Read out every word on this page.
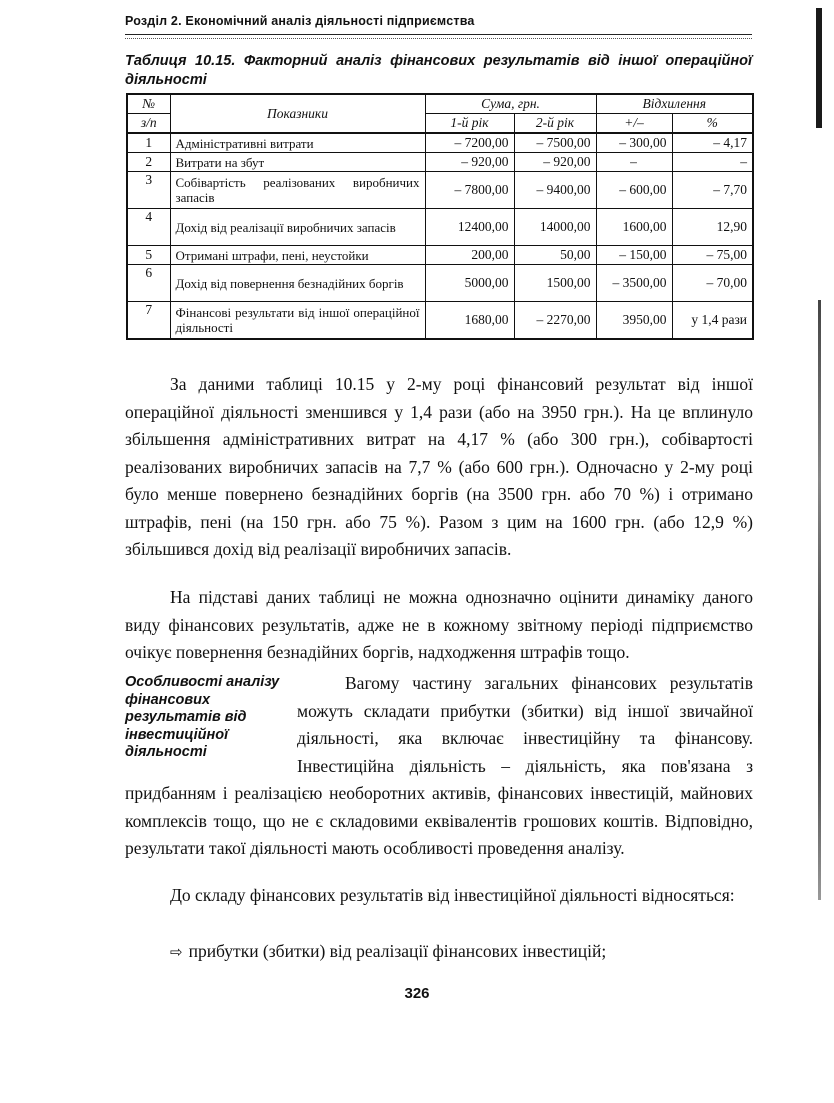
Розділ 2. Економічний аналіз діяльності підприємства
Таблиця 10.15. Факторний аналіз фінансових результатів від іншої операційної діяльності
№	Показники	Сума, грн.		Відхилення	
з/п		1-й рік	2-й рік	+/–	%
1	Адміністративні витрати	– 7200,00	– 7500,00	– 300,00	– 4,17
2	Витрати на збут	– 920,00	– 920,00	–	–
3	Собівартість реалізованих виробничих запасів	– 7800,00	– 9400,00	– 600,00	– 7,70
4	Дохід від реалізації виробничих запасів	12400,00	14000,00	1600,00	12,90
5	Отримані штрафи, пені, неустойки	200,00	50,00	– 150,00	– 75,00
6	Дохід від повернення безнадійних боргів	5000,00	1500,00	– 3500,00	– 70,00
7	Фінансові результати від іншої операційної діяльності	1680,00	– 2270,00	3950,00	у 1,4 рази

За даними таблиці 10.15 у 2-му році фінансовий результат від іншої операційної діяльності зменшився у 1,4 рази (або на 3950 грн.). На це вплинуло збільшення адміністративних витрат на 4,17 % (або 300 грн.), собівартості реалізованих виробничих запасів на 7,7 % (або 600 грн.). Одночасно у 2-му році було менше повернено безнадійних боргів (на 3500 грн. або 70 %) і отримано штрафів, пені (на 150 грн. або 75 %). Разом з цим на 1600 грн. (або 12,9 %) збільшився дохід від реалізації виробничих запасів.

На підставі даних таблиці не можна однозначно оцінити динаміку даного виду фінансових результатів, адже не в кожному звітному періоді підприємство очікує повернення безнадійних боргів, надходження штрафів тощо.

Особливості аналізу фінансових результатів від інвестиційної діяльності
Вагому частину загальних фінансових результатів можуть складати прибутки (збитки) від іншої звичайної діяльності, яка включає інвестиційну та фінансову. Інвестиційна діяльність – діяльність, яка пов'язана з придбанням і реалізацією необоротних активів, фінансових інвестицій, майнових комплексів тощо, що не є складовими еквівалентів грошових коштів. Відповідно, результати такої діяльності мають особливості проведення аналізу.

До складу фінансових результатів від інвестиційної діяльності відносяться:

⇨ прибутки (збитки) від реалізації фінансових інвестицій;
326
